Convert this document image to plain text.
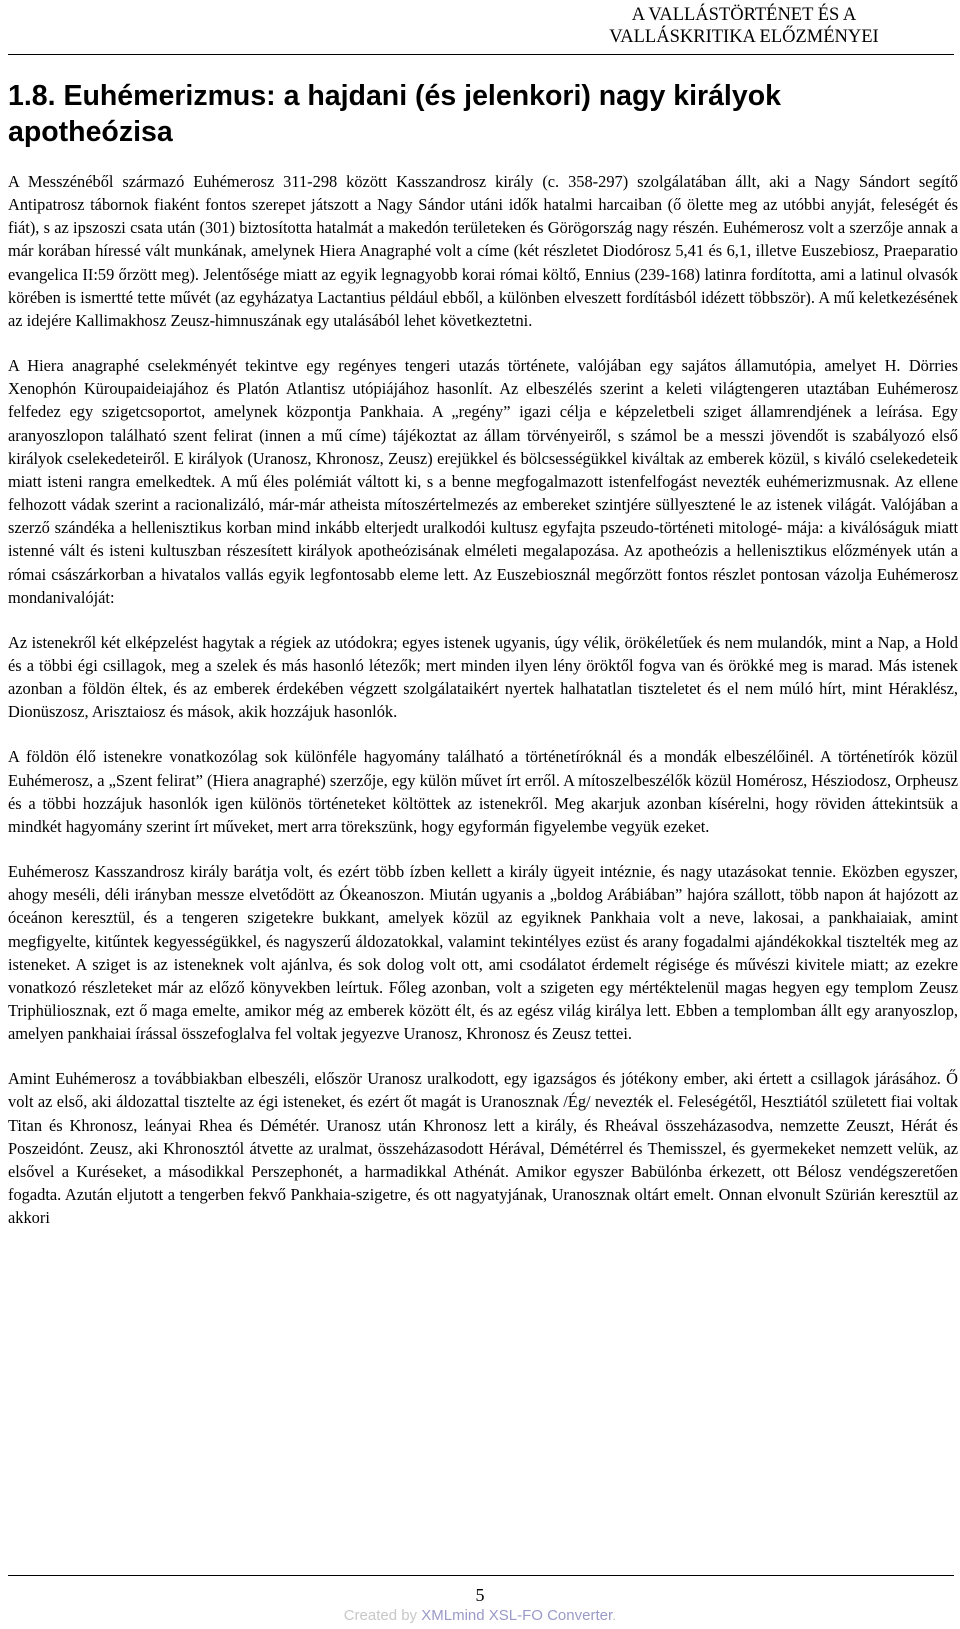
A VALLÁSTÖRTÉNET ÉS A
VALLÁSKRITIKA ELŐZMÉNYEI
1.8. Euhémerizmus: a hajdani (és jelenkori) nagy királyok
apotheózisa

A Messzénéből származó Euhémerosz 311-298 között Kasszandrosz király (c. 358-297) szolgálatában állt, aki a Nagy Sándort segítő Antipatrosz tábornok fiaként fontos szerepet játszott a Nagy Sándor utáni idők hatalmi harcaiban (ő ölette meg az utóbbi anyját, feleségét és fiát), s az ipszoszi csata után (301) biztosította hatalmát a makedón területeken és Görögország nagy részén. Euhémerosz volt a szerzője annak a már korában híressé vált munkának, amelynek Hiera Anagraphé volt a címe (két részletet Diodórosz 5,41 és 6,1, illetve Euszebiosz, Praeparatio evangelica II:59 őrzött meg). Jelentősége miatt az egyik legnagyobb korai római költő, Ennius (239-168) latinra fordította, ami a latinul olvasók körében is ismertté tette művét (az egyházatya Lactantius például ebből, a különben elveszett fordításból idézett többször). A mű keletkezésének az idejére Kallimakhosz Zeusz-himnuszának egy utalásából lehet következtetni.

A Hiera anagraphé cselekményét tekintve egy regényes tengeri utazás története, valójában egy sajátos államutópia, amelyet H. Dörries Xenophón Küroupaideiajához és Platón Atlantisz utópiájához hasonlít. Az elbeszélés szerint a keleti világtengeren utaztában Euhémerosz felfedez egy szigetcsoportot, amelynek központja Pankhaia. A „regény” igazi célja e képzeletbeli sziget államrendjének a leírása. Egy aranyoszlopon található szent felirat (innen a mű címe) tájékoztat az állam törvényeiről, s számol be a messzi jövendőt is szabályozó első királyok cselekedeteiről. E királyok (Uranosz, Khronosz, Zeusz) erejükkel és bölcsességükkel kiváltak az emberek közül, s kiváló cselekedeteik miatt isteni rangra emelkedtek. A mű éles polémiát váltott ki, s a benne megfogalmazott istenfelfogást nevezték euhémerizmusnak. Az ellene felhozott vádak szerint a racionalizáló, már-már atheista mítoszértelmezés az embereket szintjére süllyesztené le az istenek világát. Valójában a szerző szándéka a hellenisztikus korban mind inkább elterjedt uralkodói kultusz egyfajta pszeudo-történeti mitologé- mája: a kiválóságuk miatt istenné vált és isteni kultuszban részesített királyok apotheózisának elméleti megalapozása. Az apotheózis a hellenisztikus előzmények után a római császárkorban a hivatalos vallás egyik legfontosabb eleme lett. Az Euszebiosznál megőrzött fontos részlet pontosan vázolja Euhémerosz mondanivalóját:

Az istenekről két elképzelést hagytak a régiek az utódokra; egyes istenek ugyanis, úgy vélik, örökéletűek és nem mulandók, mint a Nap, a Hold és a többi égi csillagok, meg a szelek és más hasonló létezők; mert minden ilyen lény öröktől fogva van és örökké meg is marad. Más istenek azonban a földön éltek, és az emberek érdekében végzett szolgálataikért nyertek halhatatlan tiszteletet és el nem múló hírt, mint Héraklész, Dionüszosz, Arisztaiosz és mások, akik hozzájuk hasonlók.

A földön élő istenekre vonatkozólag sok különféle hagyomány található a történetíróknál és a mondák elbeszélőinél. A történetírók közül Euhémerosz, a „Szent felirat” (Hiera anagraphé) szerzője, egy külön művet írt erről. A mítoszelbeszélők közül Homérosz, Hésziodosz, Orpheusz és a többi hozzájuk hasonlók igen különös történeteket költöttek az istenekről. Meg akarjuk azonban kísérelni, hogy röviden áttekintsük a mindkét hagyomány szerint írt műveket, mert arra törekszünk, hogy egyformán figyelembe vegyük ezeket.

Euhémerosz Kasszandrosz király barátja volt, és ezért több ízben kellett a király ügyeit intéznie, és nagy utazásokat tennie. Eközben egyszer, ahogy meséli, déli irányban messze elvetődött az Ókeanoszon. Miután ugyanis a „boldog Arábiában” hajóra szállott, több napon át hajózott az óceánon keresztül, és a tengeren szigetekre bukkant, amelyek közül az egyiknek Pankhaia volt a neve, lakosai, a pankhaiaiak, amint megfigyelte, kitűntek kegyességükkel, és nagyszerű áldozatokkal, valamint tekintélyes ezüst és arany fogadalmi ajándékokkal tisztelték meg az isteneket. A sziget is az isteneknek volt ajánlva, és sok dolog volt ott, ami csodálatot érdemelt régisége és művészi kivitele miatt; az ezekre vonatkozó részleteket már az előző könyvekben leírtuk. Főleg azonban, volt a szigeten egy mértéktelenül magas hegyen egy templom Zeusz Triphüliosznak, ezt ő maga emelte, amikor még az emberek között élt, és az egész világ királya lett. Ebben a templomban állt egy aranyoszlop, amelyen pankhaiai írással összefoglalva fel voltak jegyezve Uranosz, Khronosz és Zeusz tettei.

Amint Euhémerosz a továbbiakban elbeszéli, először Uranosz uralkodott, egy igazságos és jótékony ember, aki értett a csillagok járásához. Ő volt az első, aki áldozattal tisztelte az égi isteneket, és ezért őt magát is Uranosznak /Ég/ nevezték el. Feleségétől, Hesztiától született fiai voltak Titan és Khronosz, leányai Rhea és Démétér. Uranosz után Khronosz lett a király, és Rheával összeházasodva, nemzette Zeuszt, Hérát és Poszeidónt. Zeusz, aki Khronosztól átvette az uralmat, összeházasodott Hérával, Démétérrel és Themisszel, és gyermekeket nemzett velük, az elsővel a Kuréseket, a másodikkal Perszephonét, a harmadikkal Athénát. Amikor egyszer Babülónba érkezett, ott Bélosz vendégszeretően fogadta. Azután eljutott a tengerben fekvő Pankhaia-szigetre, és ott nagyatyjának, Uranosznak oltárt emelt. Onnan elvonult Szürián keresztül az akkori

5
Created by XMLmind XSL-FO Converter.
